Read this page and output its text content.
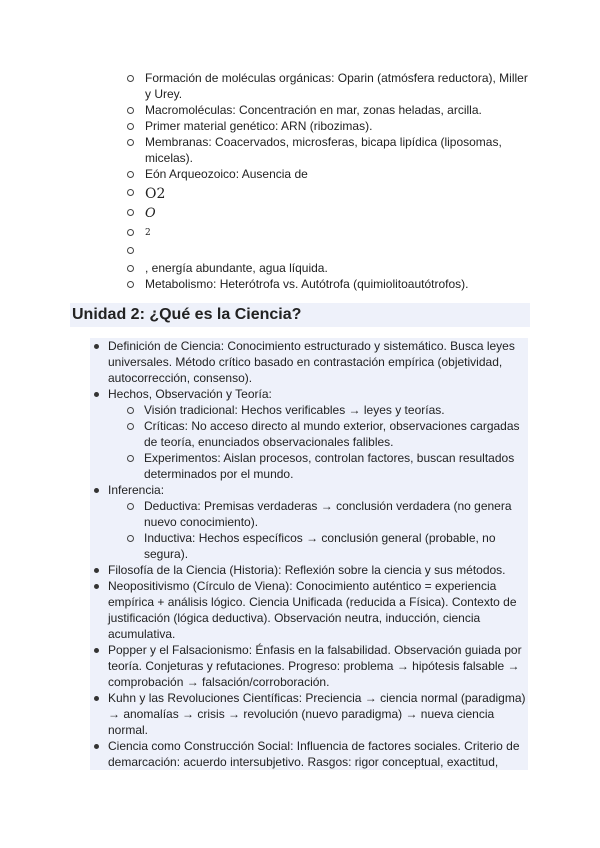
Formación de moléculas orgánicas: Oparin (atmósfera reductora), Miller y Urey.
Macromoléculas: Concentración en mar, zonas heladas, arcilla.
Primer material genético: ARN (ribozimas).
Membranas: Coacervados, microsferas, bicapa lipídica (liposomas, micelas).
Eón Arqueozoico: Ausencia de
O2
O
2
, energía abundante, agua líquida.
Metabolismo: Heterótrofa vs. Autótrofa (quimiolitoautótrofos).
Unidad 2: ¿Qué es la Ciencia?
Definición de Ciencia: Conocimiento estructurado y sistemático. Busca leyes universales. Método crítico basado en contrastación empírica (objetividad, autocorrección, consenso).
Hechos, Observación y Teoría:
Visión tradicional: Hechos verificables → leyes y teorías.
Críticas: No acceso directo al mundo exterior, observaciones cargadas de teoría, enunciados observacionales falibles.
Experimentos: Aislan procesos, controlan factores, buscan resultados determinados por el mundo.
Inferencia:
Deductiva: Premisas verdaderas → conclusión verdadera (no genera nuevo conocimiento).
Inductiva: Hechos específicos → conclusión general (probable, no segura).
Filosofía de la Ciencia (Historia): Reflexión sobre la ciencia y sus métodos.
Neopositivismo (Círculo de Viena): Conocimiento auténtico = experiencia empírica + análisis lógico. Ciencia Unificada (reducida a Física). Contexto de justificación (lógica deductiva). Observación neutra, inducción, ciencia acumulativa.
Popper y el Falsacionismo: Énfasis en la falsabilidad. Observación guiada por teoría. Conjeturas y refutaciones. Progreso: problema → hipótesis falsable → comprobación → falsación/corroboración.
Kuhn y las Revoluciones Científicas: Preciencia → ciencia normal (paradigma) → anomalías → crisis → revolución (nuevo paradigma) → nueva ciencia normal.
Ciencia como Construcción Social: Influencia de factores sociales. Criterio de demarcación: acuerdo intersubjetivo. Rasgos: rigor conceptual, exactitud,
